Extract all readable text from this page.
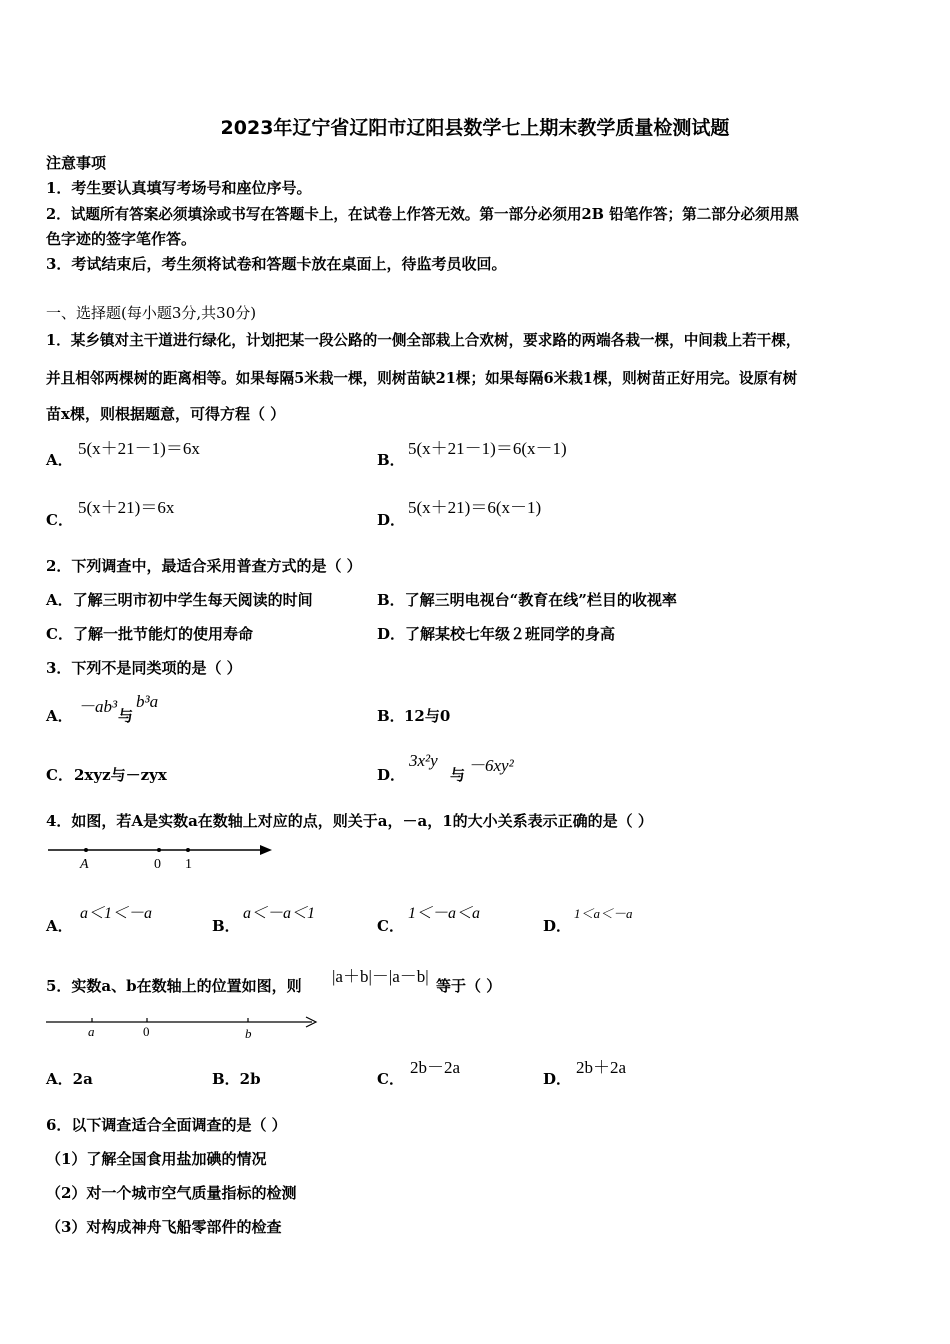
2023年辽宁省辽阳市辽阳县数学七上期末教学质量检测试题
注意事项
1．考生要认真填写考场号和座位序号。
2．试题所有答案必须填涂或书写在答题卡上，在试卷上作答无效。第一部分必须用2B 铅笔作答；第二部分必须用黑
色字迹的签字笔作答。
3．考试结束后，考生须将试卷和答题卡放在桌面上，待监考员收回。
一、选择题(每小题3分,共30分)
1．某乡镇对主干道进行绿化，计划把某一段公路的一侧全部栽上合欢树，要求路的两端各栽一棵，中间栽上若干棵，
并且相邻两棵树的距离相等。如果每隔5米栽一棵，则树苗缺21棵；如果每隔6米栽1棵，则树苗正好用完。设原有树
苗x棵，则根据题意，可得方程（ ）
A．
5(x＋21－1)＝6x
B．
5(x＋21－1)＝6(x－1)
C．
5(x＋21)＝6x
D．
5(x＋21)＝6(x－1)
2．下列调查中，最适合采用普查方式的是（ ）
A．了解三明市初中学生每天阅读的时间	B．了解三明电视台“教育在线”栏目的收视率
C．了解一批节能灯的使用寿命	D．了解某校七年级２班同学的身高
3．下列不是同类项的是（ ）
A． －ab³ 与
b³a
B． 12与0
C． 2xyz与－zyx	D．
3x²y
与 －6xy²
4．如图，若A是实数a在数轴上对应的点，则关于a，－a，1的大小关系表示正确的是（ ）
A	0 1
A．
a＜1＜－a
B．
a＜－a＜1
C．
1＜－a＜a
D．
1＜a＜－a
5．实数a、b在数轴上的位置如图，则 |a＋b|－|a－b| 等于（ ）
a	0	b
A．2a	B．2b	C．
2b－2a
D．
2b＋2a
6．以下调查适合全面调查的是（ ）
（1）了解全国食用盐加碘的情况
（2）对一个城市空气质量指标的检测
（3）对构成神舟飞船零部件的检查
